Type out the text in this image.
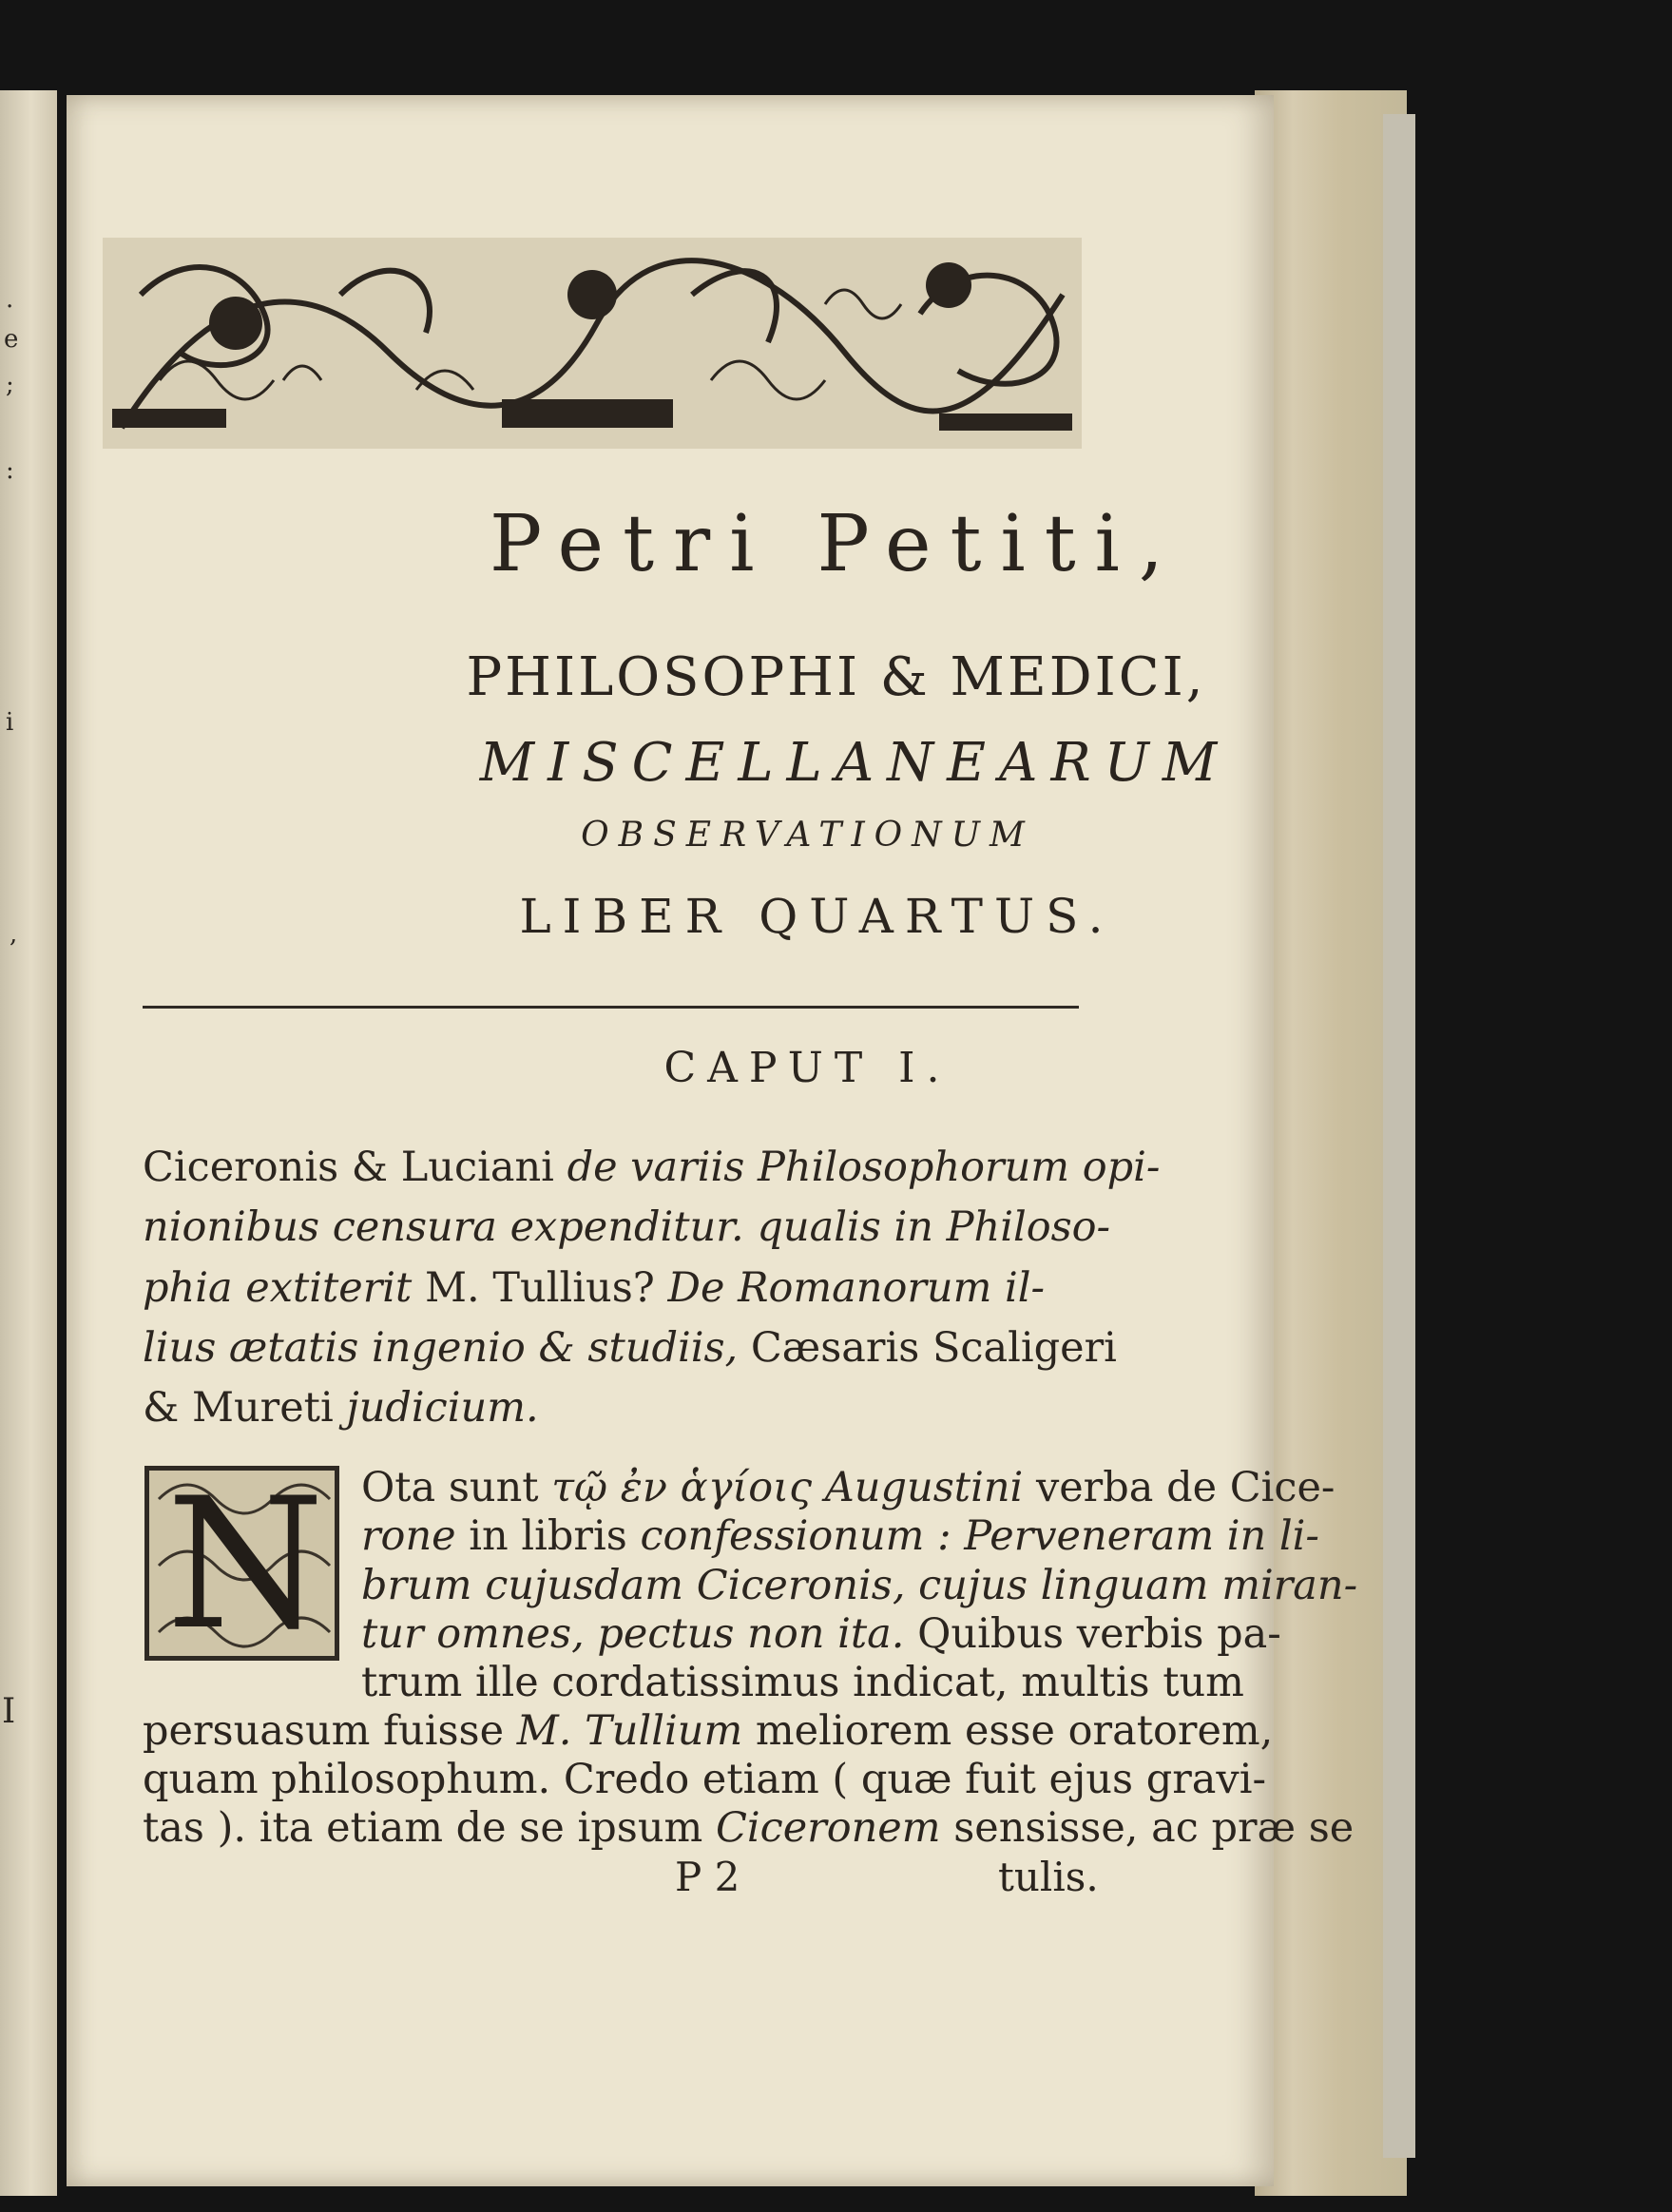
.
e
;
:
i
,
I
Petri Petiti,
PHILOSOPHI & MEDICI,
MISCELLANEARUM
OBSERVATIONUM
LIBER QUARTUS.
CAPUT I.
Ciceronis & Luciani de variis Philosophorum opi-
nionibus censura expenditur. qualis in Philoso-
phia extiterit M. Tullius? De Romanorum il-
lius ætatis ingenio & studiis, Cæsaris Scaligeri
& Mureti judicium.
N Ota sunt τῷ ἐν ἁγίοις Augustini verba de Cice-
rone in libris confessionum : Perveneram in li-
brum cujusdam Ciceronis, cujus linguam miran-
tur omnes, pectus non ita. Quibus verbis pa-
trum ille cordatissimus indicat, multis tum
persuasum fuisse M. Tullium meliorem esse oratorem,
quam philosophum. Credo etiam ( quæ fuit ejus gravi-
tas ). ita etiam de se ipsum Ciceronem sensisse, ac præ se
P 2	tulis.
